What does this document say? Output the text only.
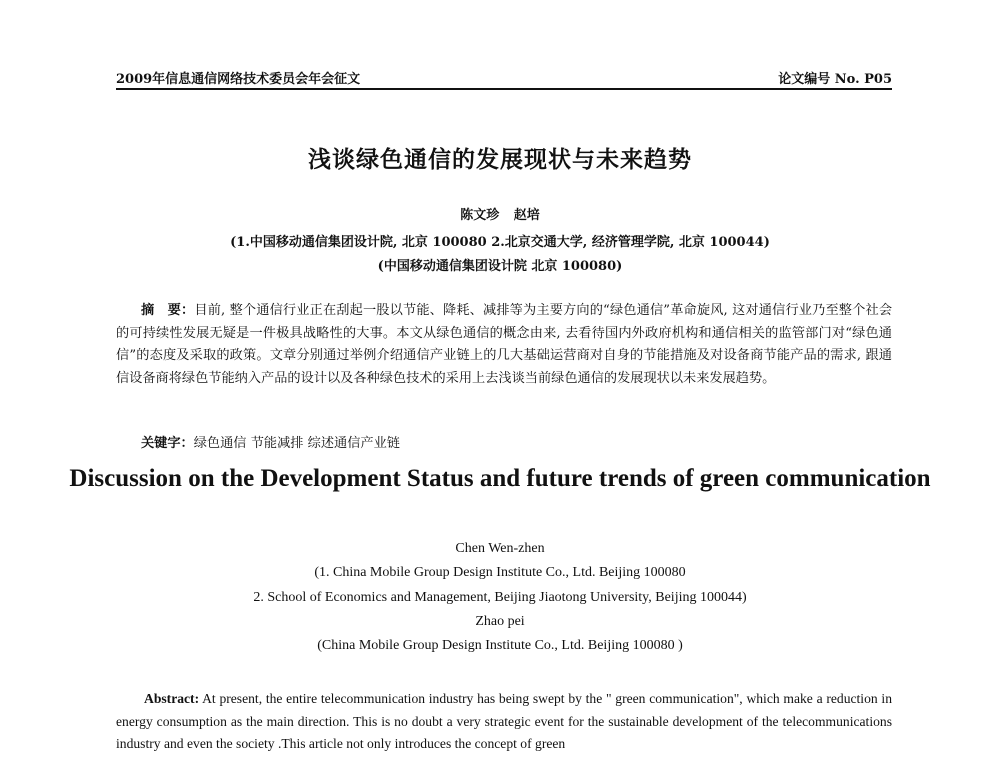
2009年信息通信网络技术委员会年会征文	论文编号 No. P05
浅谈绿色通信的发展现状与未来趋势
陈文珍 赵培
(1.中国移动通信集团设计院, 北京 100080 2.北京交通大学, 经济管理学院, 北京 100044)
(中国移动通信集团设计院 北京 100080)
摘　要：目前, 整个通信行业正在刮起一股以节能、降耗、减排等为主要方向的“绿色通信”革命旋风, 这对通信行业乃至整个社会的可持续性发展无疑是一件极具战略性的大事。本文从绿色通信的概念由来, 去看待国内外政府机构和通信相关的监管部门对“绿色通信”的态度及采取的政策。文章分别通过举例介绍通信产业链上的几大基础运营商对自身的节能措施及对设备商节能产品的需求, 跟通信设备商将绿色节能纳入产品的设计以及各种绿色技术的采用上去浅谈当前绿色通信的发展现状以未来发展趋势。
关键字：绿色通信 节能减排 综述通信产业链
Discussion on the Development Status and future trends of green communication
Chen Wen-zhen
(1. China Mobile Group Design Institute Co., Ltd. Beijing 100080
2. School of Economics and Management, Beijing Jiaotong University, Beijing 100044)
Zhao pei
(China Mobile Group Design Institute Co., Ltd. Beijing 100080 )
Abstract: At present, the entire telecommunication industry has being swept by the " green communication", which make a reduction in energy consumption as the main direction. This is no doubt a very strategic event for the sustainable development of the telecommunications industry and even the society .This article not only introduces the concept of green
